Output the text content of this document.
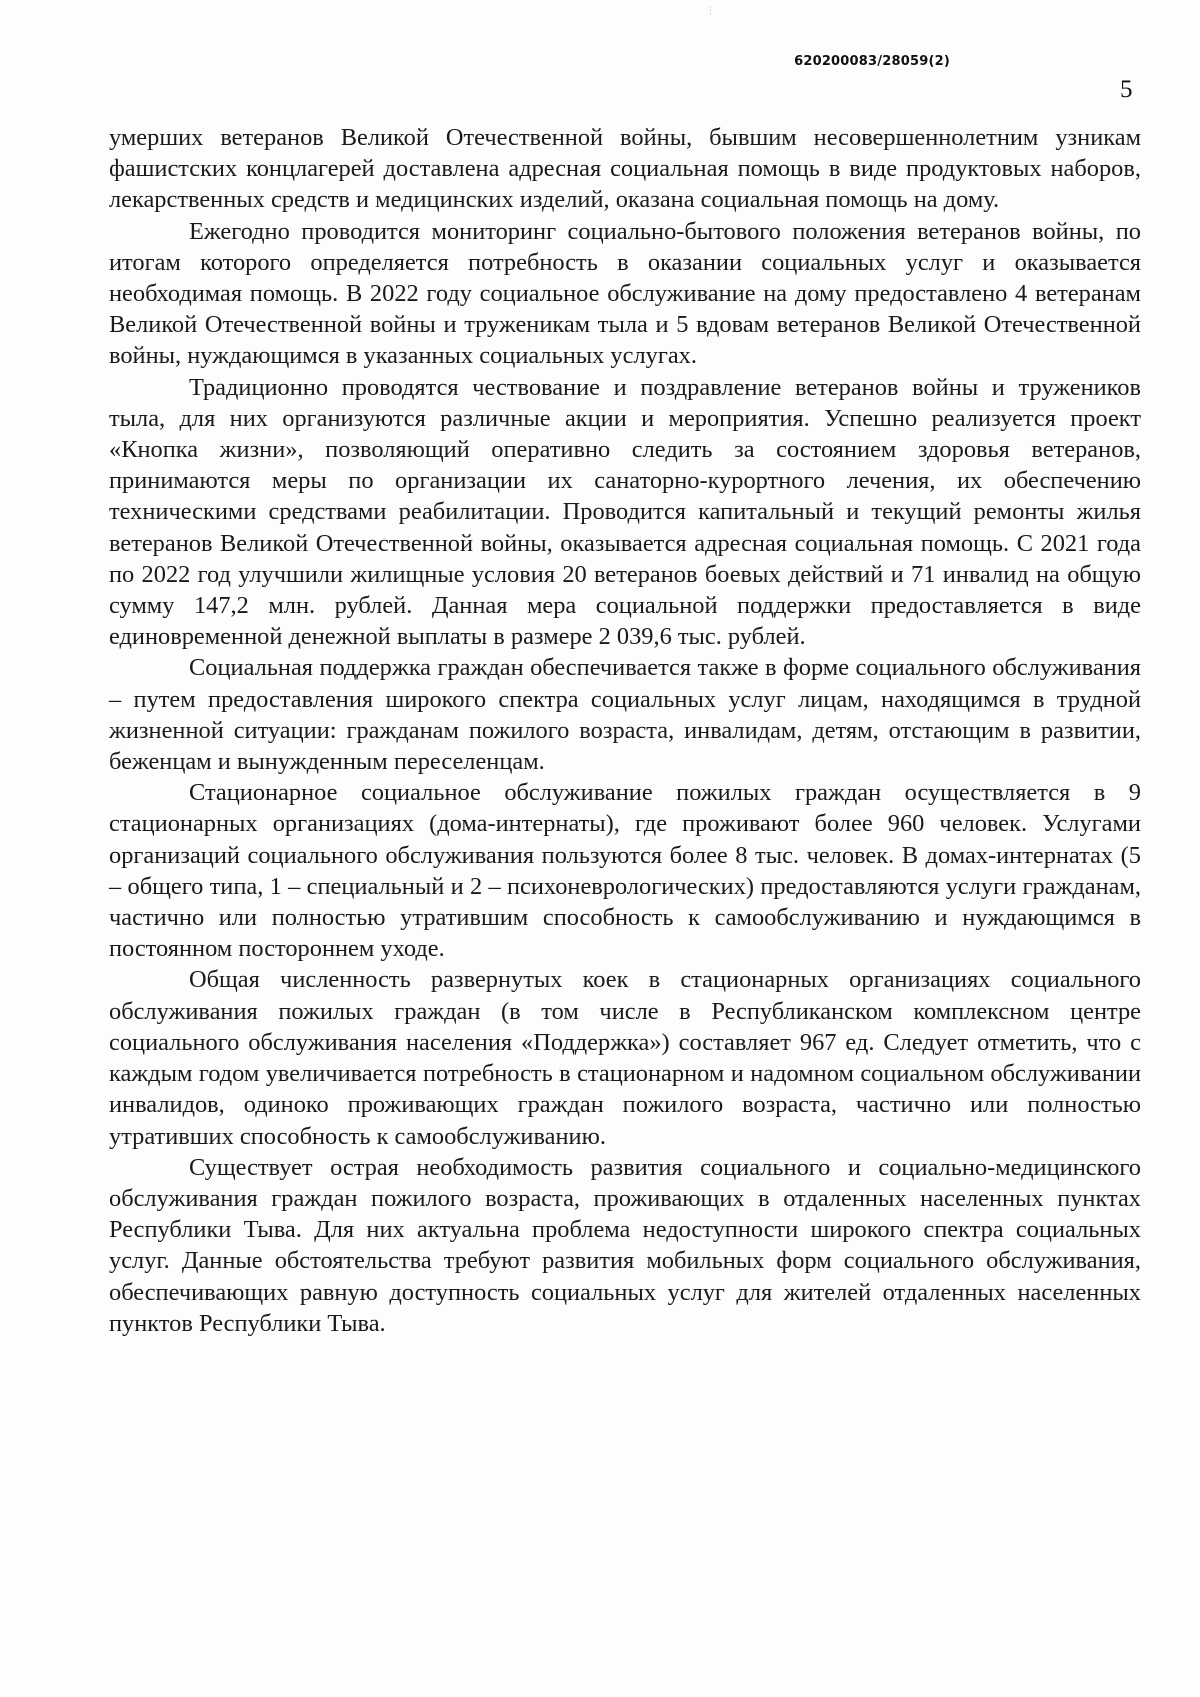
⋮
620200083/28059(2)
5

умерших ветеранов Великой Отечественной войны, бывшим несовершеннолетним узникам фашистских концлагерей доставлена адресная социальная помощь в виде продуктовых наборов, лекарственных средств и медицинских изделий, оказана социальная помощь на дому.

Ежегодно проводится мониторинг социально-бытового положения ветеранов войны, по итогам которого определяется потребность в оказании социальных услуг и оказывается необходимая помощь. В 2022 году социальное обслуживание на дому предоставлено 4 ветеранам Великой Отечественной войны и труженикам тыла и 5 вдовам ветеранов Великой Отечественной войны, нуждающимся в указанных социальных услугах.

Традиционно проводятся чествование и поздравление ветеранов войны и тружеников тыла, для них организуются различные акции и мероприятия. Успешно реализуется проект «Кнопка жизни», позволяющий оперативно следить за состоянием здоровья ветеранов, принимаются меры по организации их санаторно-курортного лечения, их обеспечению техническими средствами реабилитации. Проводится капитальный и текущий ремонты жилья ветеранов Великой Отечественной войны, оказывается адресная социальная помощь. С 2021 года по 2022 год улучшили жилищные условия 20 ветеранов боевых действий и 71 инвалид на общую сумму 147,2 млн. рублей. Данная мера социальной поддержки предоставляется в виде единовременной денежной выплаты в размере 2 039,6 тыс. рублей.

Социальная поддержка граждан обеспечивается также в форме социального обслуживания – путем предоставления широкого спектра социальных услуг лицам, находящимся в трудной жизненной ситуации: гражданам пожилого возраста, инвалидам, детям, отстающим в развитии, беженцам и вынужденным переселенцам.

Стационарное социальное обслуживание пожилых граждан осуществляется в 9 стационарных организациях (дома-интернаты), где проживают более 960 человек. Услугами организаций социального обслуживания пользуются более 8 тыс. человек. В домах-интернатах (5 – общего типа, 1 – специальный и 2 – психоневрологических) предоставляются услуги гражданам, частично или полностью утратившим способность к самообслуживанию и нуждающимся в постоянном постороннем уходе.

Общая численность развернутых коек в стационарных организациях социального обслуживания пожилых граждан (в том числе в Республиканском комплексном центре социального обслуживания населения «Поддержка») составляет 967 ед. Следует отметить, что с каждым годом увеличивается потребность в стационарном и надомном социальном обслуживании инвалидов, одиноко проживающих граждан пожилого возраста, частично или полностью утративших способность к самообслуживанию.

Существует острая необходимость развития социального и социально-медицинского обслуживания граждан пожилого возраста, проживающих в отдаленных населенных пунктах Республики Тыва. Для них актуальна проблема недоступности широкого спектра социальных услуг. Данные обстоятельства требуют развития мобильных форм социального обслуживания, обеспечивающих равную доступность социальных услуг для жителей отдаленных населенных пунктов Республики Тыва.
